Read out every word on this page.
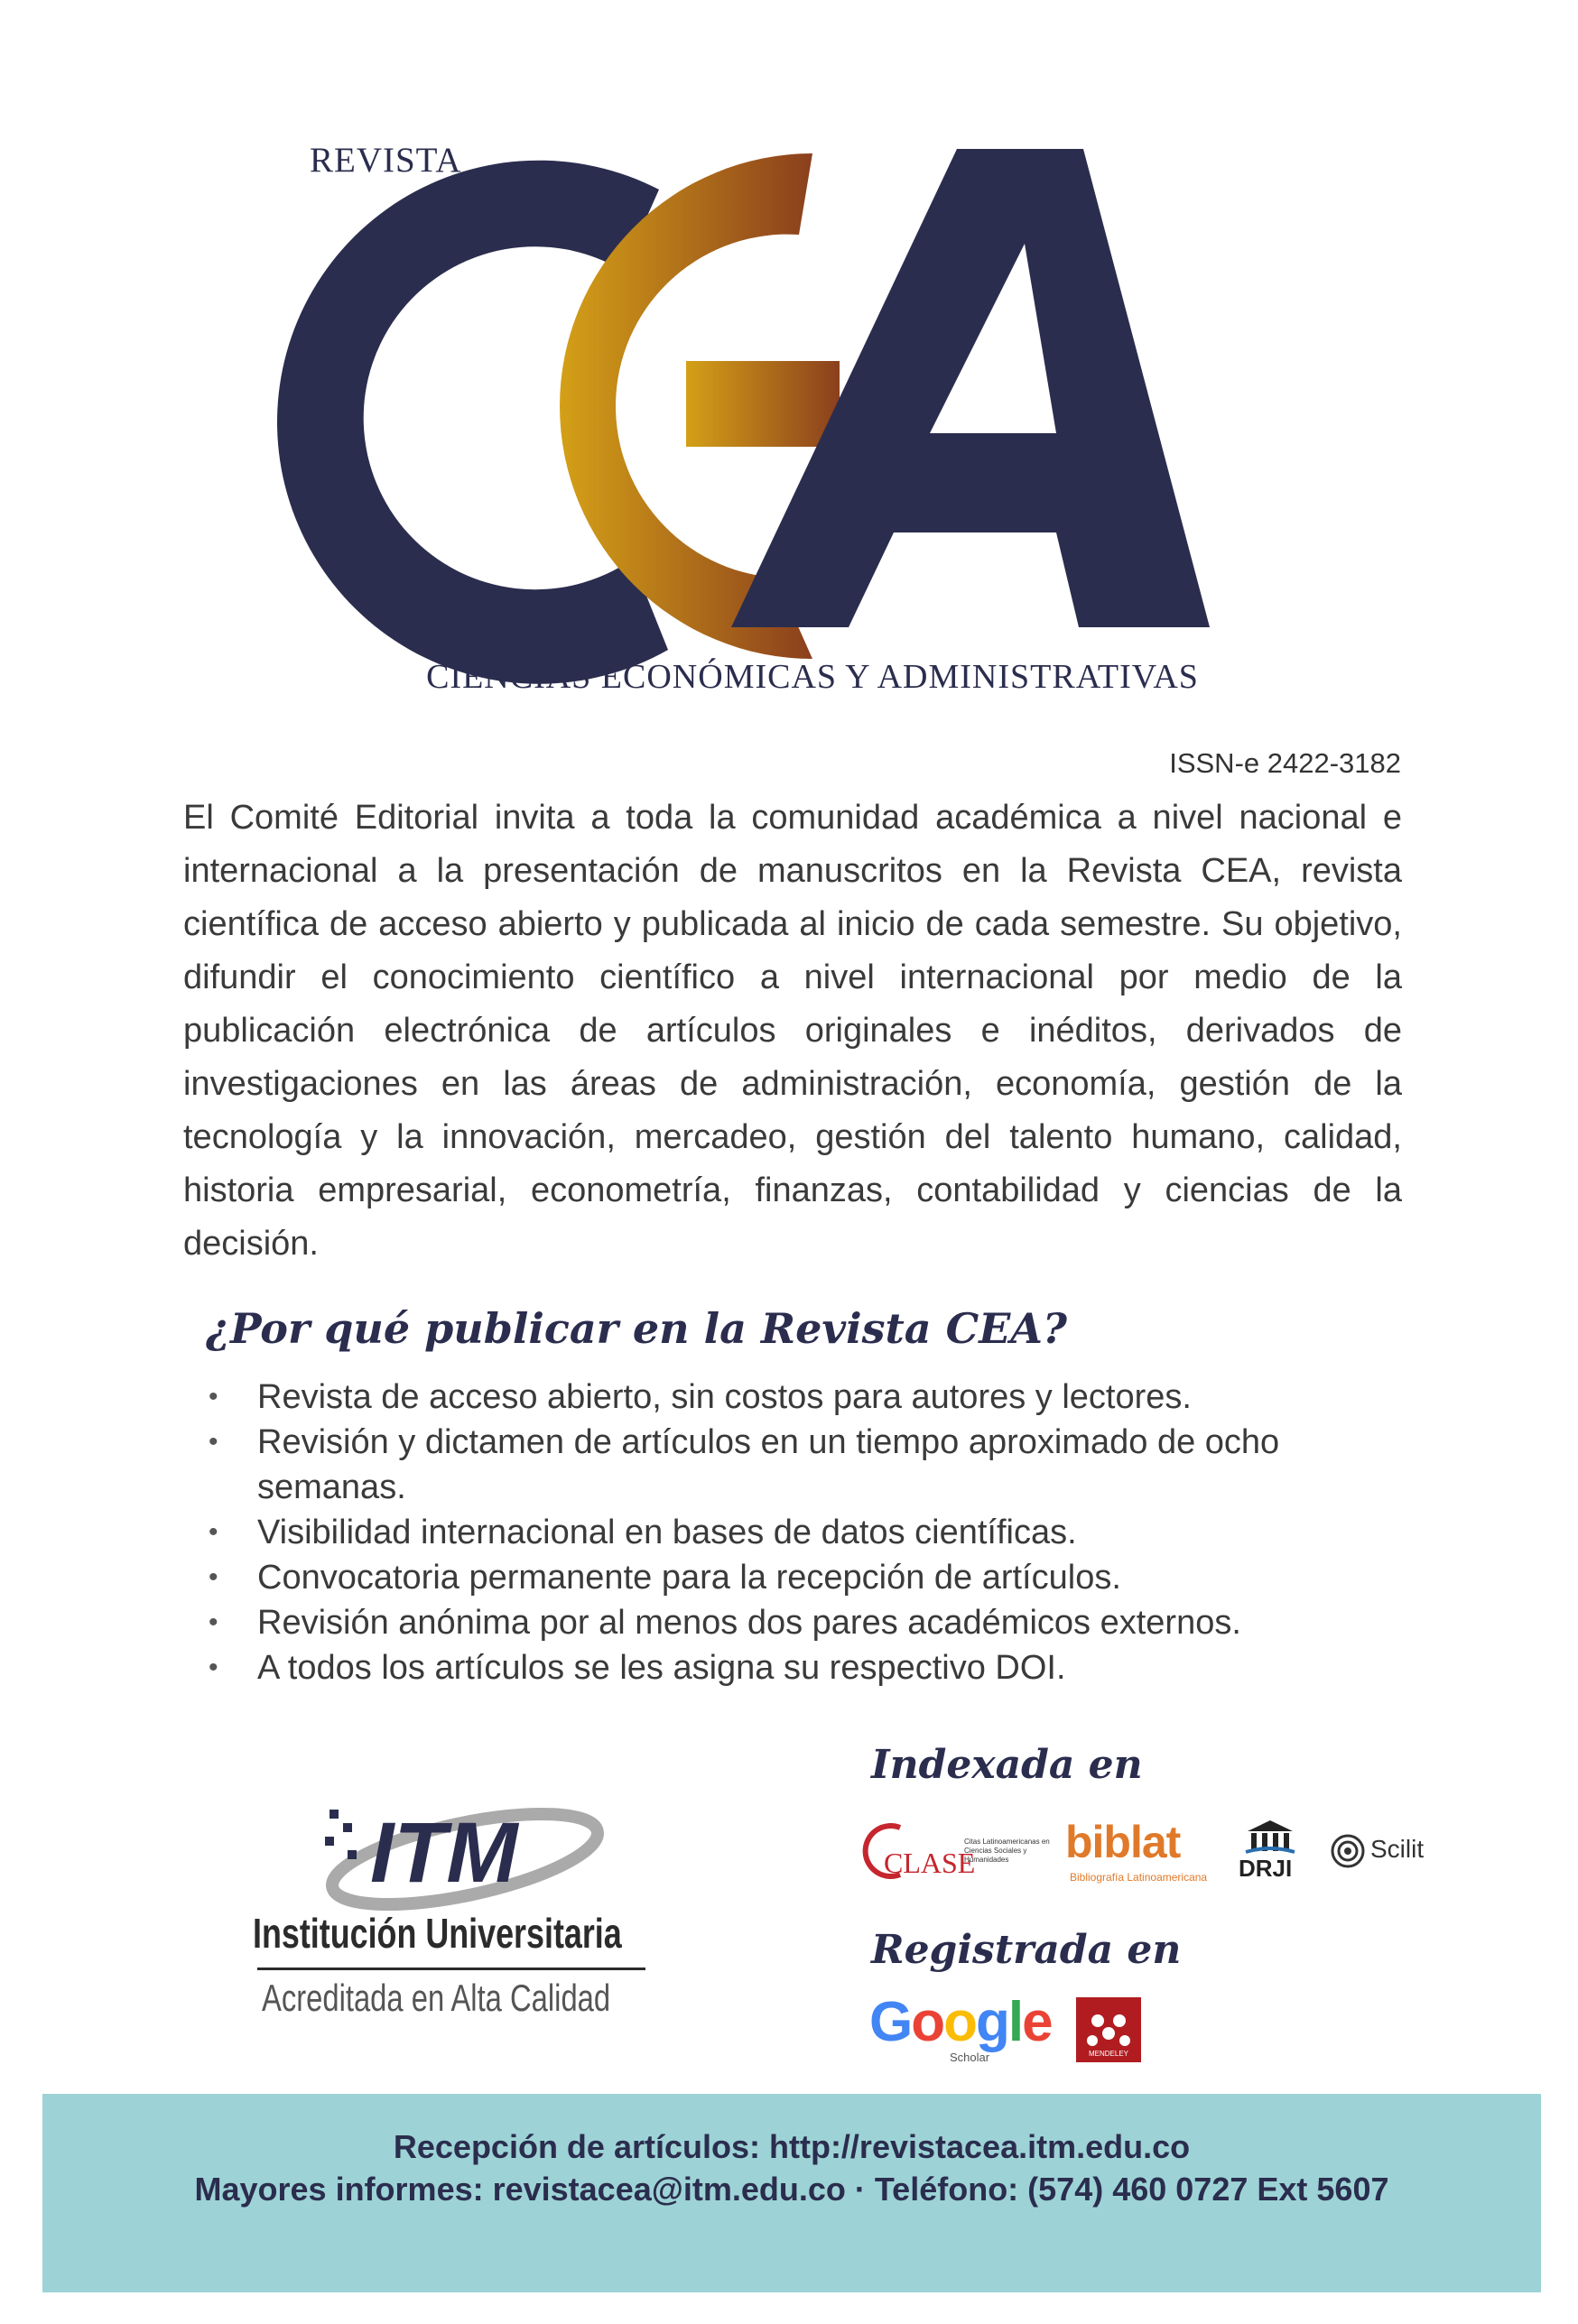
REVISTA
CIENCIAS ECONÓMICAS Y ADMINISTRATIVAS
ISSN-e 2422-3182
El Comité Editorial invita a toda la comunidad académica a nivel nacional e internacional a la presentación de manuscritos en la Revista CEA, revista científica de acceso abierto y publicada al inicio de cada semestre. Su objetivo, difundir el conocimiento científico a nivel internacional por medio de la publicación electrónica de artículos originales e inéditos, derivados de investigaciones en las áreas de administración, economía, gestión de la tecnología y la innovación, mercadeo, gestión del talento humano, calidad, historia empresarial, econometría, finanzas, contabilidad y ciencias de la decisión.
¿Por qué publicar en la Revista CEA?
• Revista de acceso abierto, sin costos para autores y lectores.
• Revisión y dictamen de artículos en un tiempo aproximado de ocho semanas.
• Visibilidad internacional en bases de datos científicas.
• Convocatoria permanente para la recepción de artículos.
• Revisión anónima por al menos dos pares académicos externos.
• A todos los artículos se les asigna su respectivo DOI.
ITM
Institución Universitaria
Acreditada en Alta Calidad
Indexada en
CLASE
Citas Latinoamericanas en Ciencias Sociales y Humanidades	biblat
Bibliografía Latinoamericana DRJI
Scilit
Registrada en
Google
Scholar	MENDELEY
Recepción de artículos: http://revistacea.itm.edu.co
Mayores informes: revistacea@itm.edu.co · Teléfono: (574) 460 0727 Ext 5607
